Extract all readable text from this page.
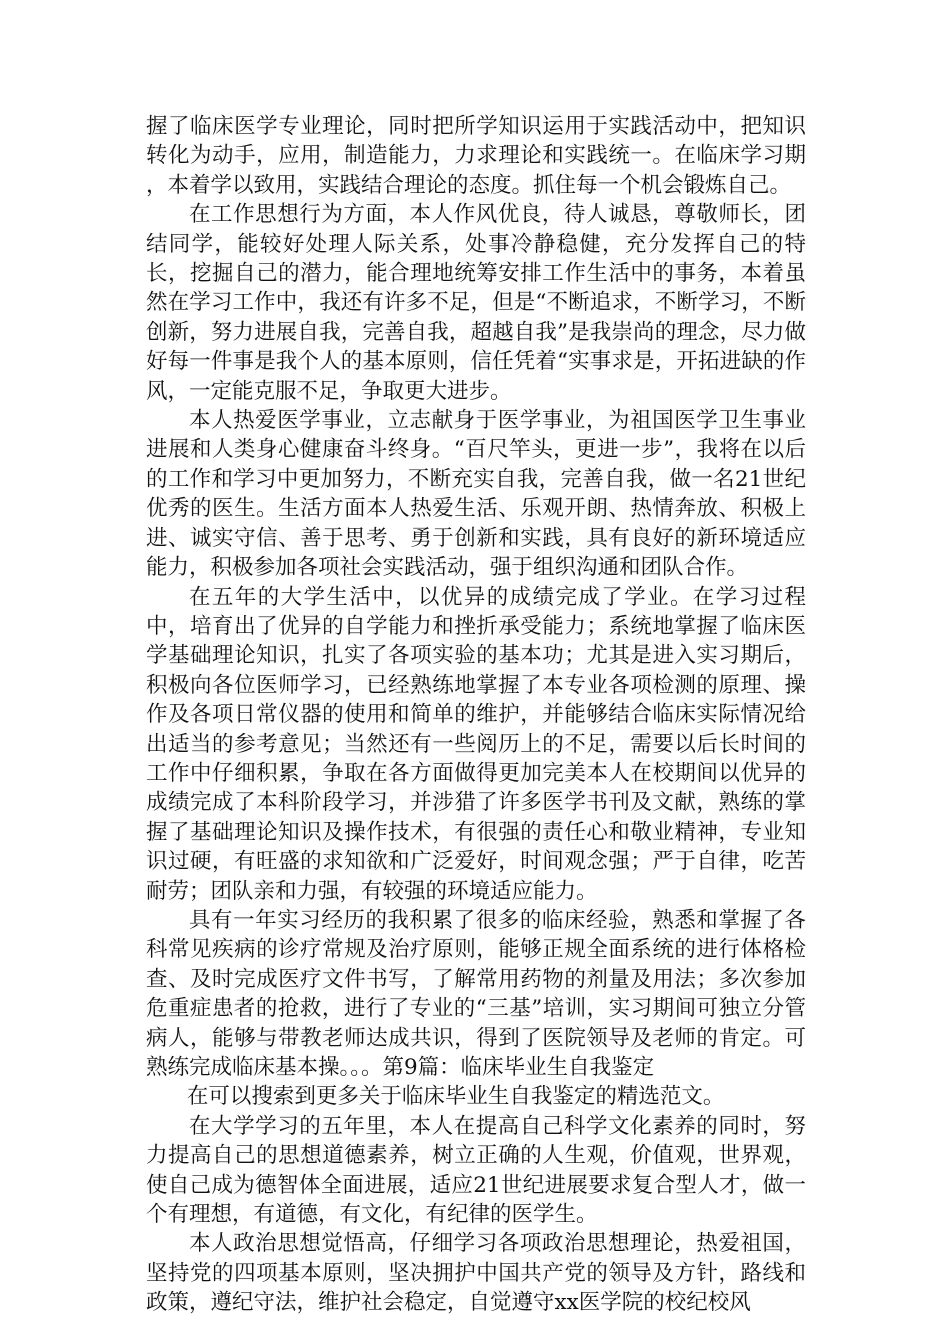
握了临床医学专业理论，同时把所学知识运用于实践活动中，把知识转化为动手，应用，制造能力，力求理论和实践统一。在临床学习期 ，本着学以致用，实践结合理论的态度。抓住每一个机会锻炼自己。

在工作思想行为方面，本人作风优良，待人诚恳，尊敬师长，团结同学，能较好处理人际关系，处事冷静稳健，充分发挥自己的特长，挖掘自己的潜力，能合理地统筹安排工作生活中的事务，本着虽然在学习工作中，我还有许多不足，但是“不断追求，不断学习，不断创新，努力进展自我，完善自我，超越自我”是我崇尚的理念，尽力做好每一件事是我个人的基本原则，信任凭着“实事求是，开拓进缺的作风，一定能克服不足，争取更大进步。

本人热爱医学事业，立志献身于医学事业，为祖国医学卫生事业进展和人类身心健康奋斗终身。“百尺竿头，更进一步”，我将在以后的工作和学习中更加努力，不断充实自我，完善自我，做一名21世纪优秀的医生。生活方面本人热爱生活、乐观开朗、热情奔放、积极上进、诚实守信、善于思考、勇于创新和实践，具有良好的新环境适应能力，积极参加各项社会实践活动，强于组织沟通和团队合作。

在五年的大学生活中，以优异的成绩完成了学业。在学习过程中，培育出了优异的自学能力和挫折承受能力；系统地掌握了临床医学基础理论知识，扎实了各项实验的基本功；尤其是进入实习期后，积极向各位医师学习，已经熟练地掌握了本专业各项检测的原理、操作及各项日常仪器的使用和简单的维护，并能够结合临床实际情况给出适当的参考意见；当然还有一些阅历上的不足，需要以后长时间的工作中仔细积累，争取在各方面做得更加完美本人在校期间以优异的成绩完成了本科阶段学习，并涉猎了许多医学书刊及文献，熟练的掌握了基础理论知识及操作技术，有很强的责任心和敬业精神，专业知识过硬，有旺盛的求知欲和广泛爱好，时间观念强；严于自律，吃苦耐劳；团队亲和力强，有较强的环境适应能力。

具有一年实习经历的我积累了很多的临床经验，熟悉和掌握了各科常见疾病的诊疗常规及治疗原则，能够正规全面系统的进行体格检查、及时完成医疗文件书写，了解常用药物的剂量及用法；多次参加危重症患者的抢救，进行了专业的“三基”培训，实习期间可独立分管病人，能够与带教老师达成共识，得到了医院领导及老师的肯定。可熟练完成临床基本操。。。第9篇：临床毕业生自我鉴定

在可以搜索到更多关于临床毕业生自我鉴定的精选范文。

在大学学习的五年里，本人在提高自己科学文化素养的同时，努力提高自己的思想道德素养，树立正确的人生观，价值观，世界观，使自己成为德智体全面进展，适应21世纪进展要求复合型人才，做一个有理想，有道德，有文化，有纪律的医学生。

本人政治思想觉悟高，仔细学习各项政治思想理论，热爱祖国，坚持党的四项基本原则，坚决拥护中国共产党的领导及方针，路线和政策，遵纪守法，维护社会稳定，自觉遵守xx医学院的校纪校风
